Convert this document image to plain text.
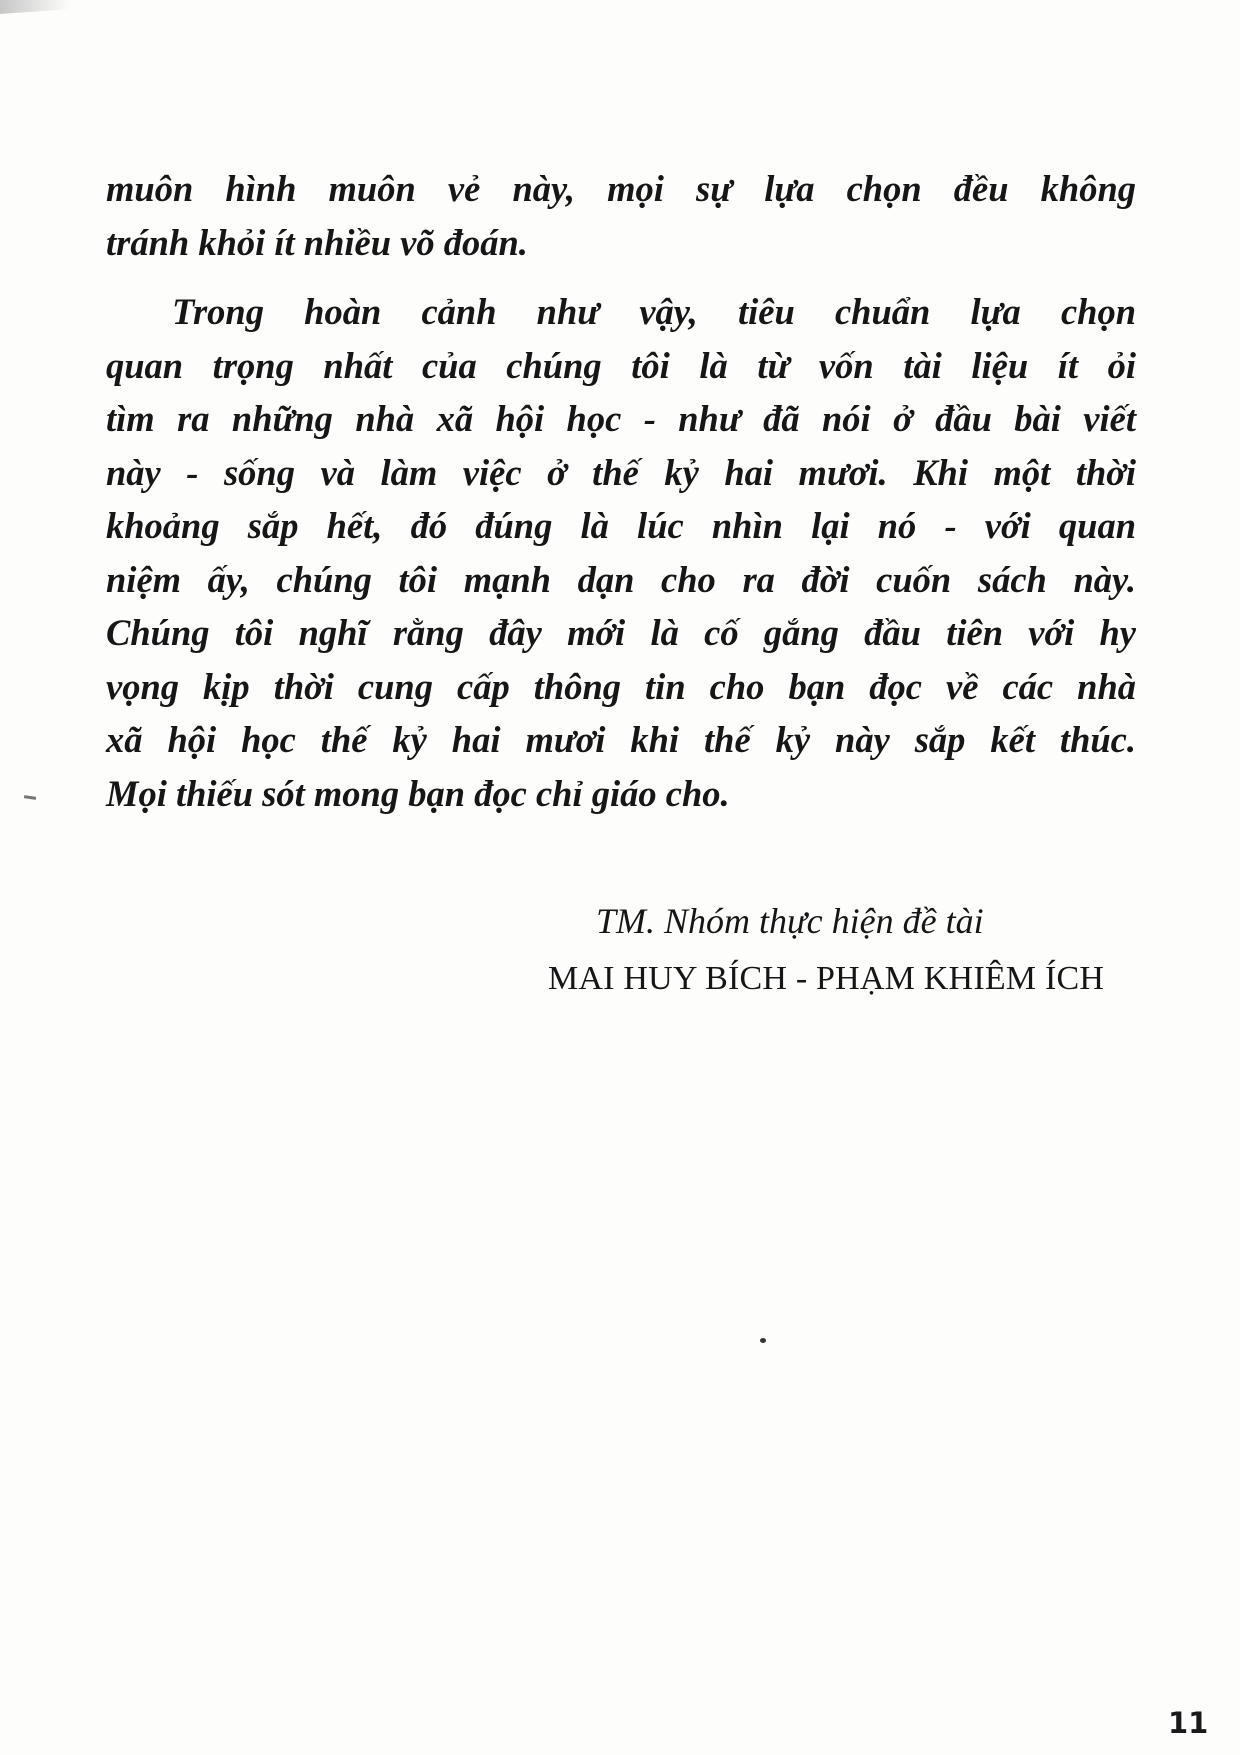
muôn hình muôn vẻ này, mọi sự lựa chọn đều không
tránh khỏi ít nhiều võ đoán.
Trong hoàn cảnh như vậy, tiêu chuẩn lựa chọn
quan trọng nhất của chúng tôi là từ vốn tài liệu ít ỏi
tìm ra những nhà xã hội học - như đã nói ở đầu bài viết
này - sống và làm việc ở thế kỷ hai mươi. Khi một thời
khoảng sắp hết, đó đúng là lúc nhìn lại nó - với quan
niệm ấy, chúng tôi mạnh dạn cho ra đời cuốn sách này.
Chúng tôi nghĩ rằng đây mới là cố gắng đầu tiên với hy
vọng kịp thời cung cấp thông tin cho bạn đọc về các nhà
xã hội học thế kỷ hai mươi khi thế kỷ này sắp kết thúc.
Mọi thiếu sót mong bạn đọc chỉ giáo cho.
TM. Nhóm thực hiện đề tài
MAI HUY BÍCH - PHẠM KHIÊM ÍCH
11
